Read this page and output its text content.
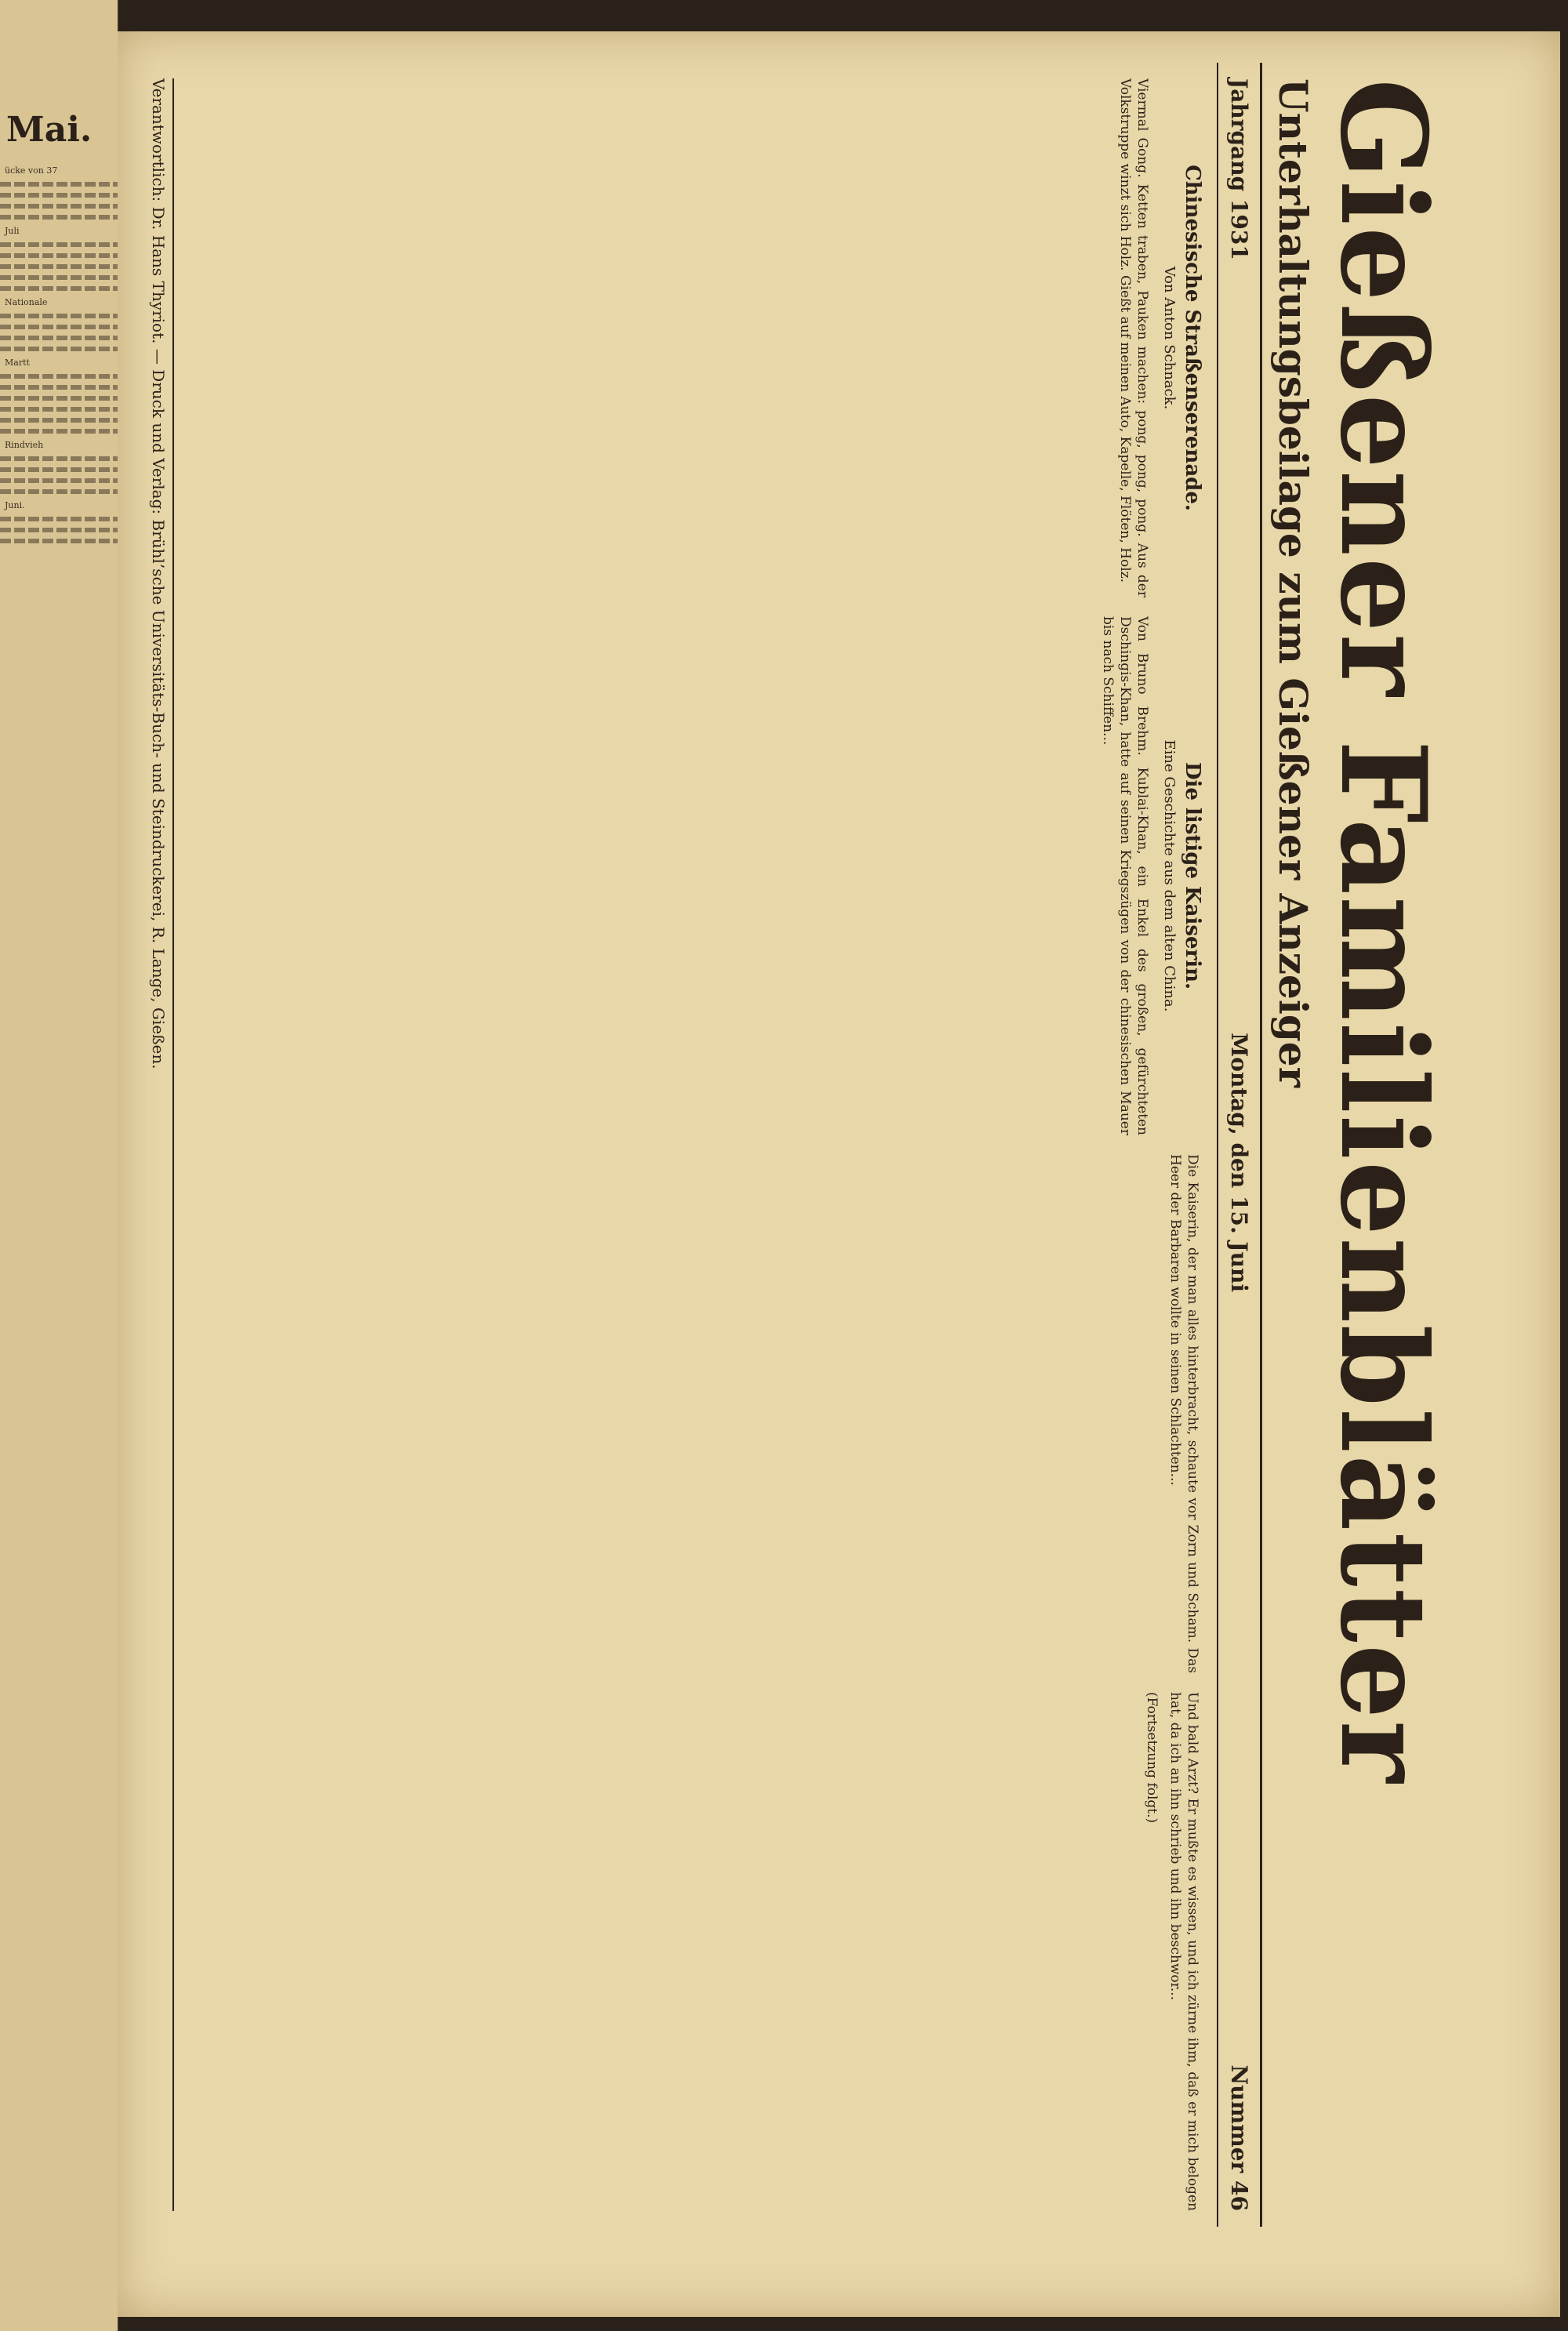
Mai.
ücke von 37
Juli
Nationale
Martt
Rindvieh
Juni.	Gießener Familienblätter
Unterhaltungsbeilage zum Gießener Anzeiger
Jahrgang 1931
Montag, den 15. Juni
Nummer 46
Chinesische Straßenserenade.
Von Anton Schnack.

Viermal Gong. Ketten traben, Pauken machen: pong, pong, pong. Aus der Volkstruppe winzt sich Holz. Gießt auf meinen Auto, Kapelle, Flöten, Holz.

Die listige Kaiserin.
Eine Geschichte aus dem alten China.

Von Bruno Brehm. Kublai-Khan, ein Enkel des großen, gefürchteten Dschingis-Khan, hatte auf seinen Kriegszügen von der chinesischen Mauer bis nach Schiffen...

Die Kaiserin, der man alles hinterbracht, schaute vor Zorn und Scham. Das Heer der Barbaren wollte in seinen Schlachten...

Und bald Arzt? Er mußte es wissen, und ich zürne ihm, daß er mich belogen hat, da ich an ihn schrieb und ihn beschwor...

(Fortsetzung folgt.)

Verantwortlich: Dr. Hans Thyriot. — Druck und Verlag: Brühl’sche Universitäts-Buch- und Steindruckerei, R. Lange, Gießen.
